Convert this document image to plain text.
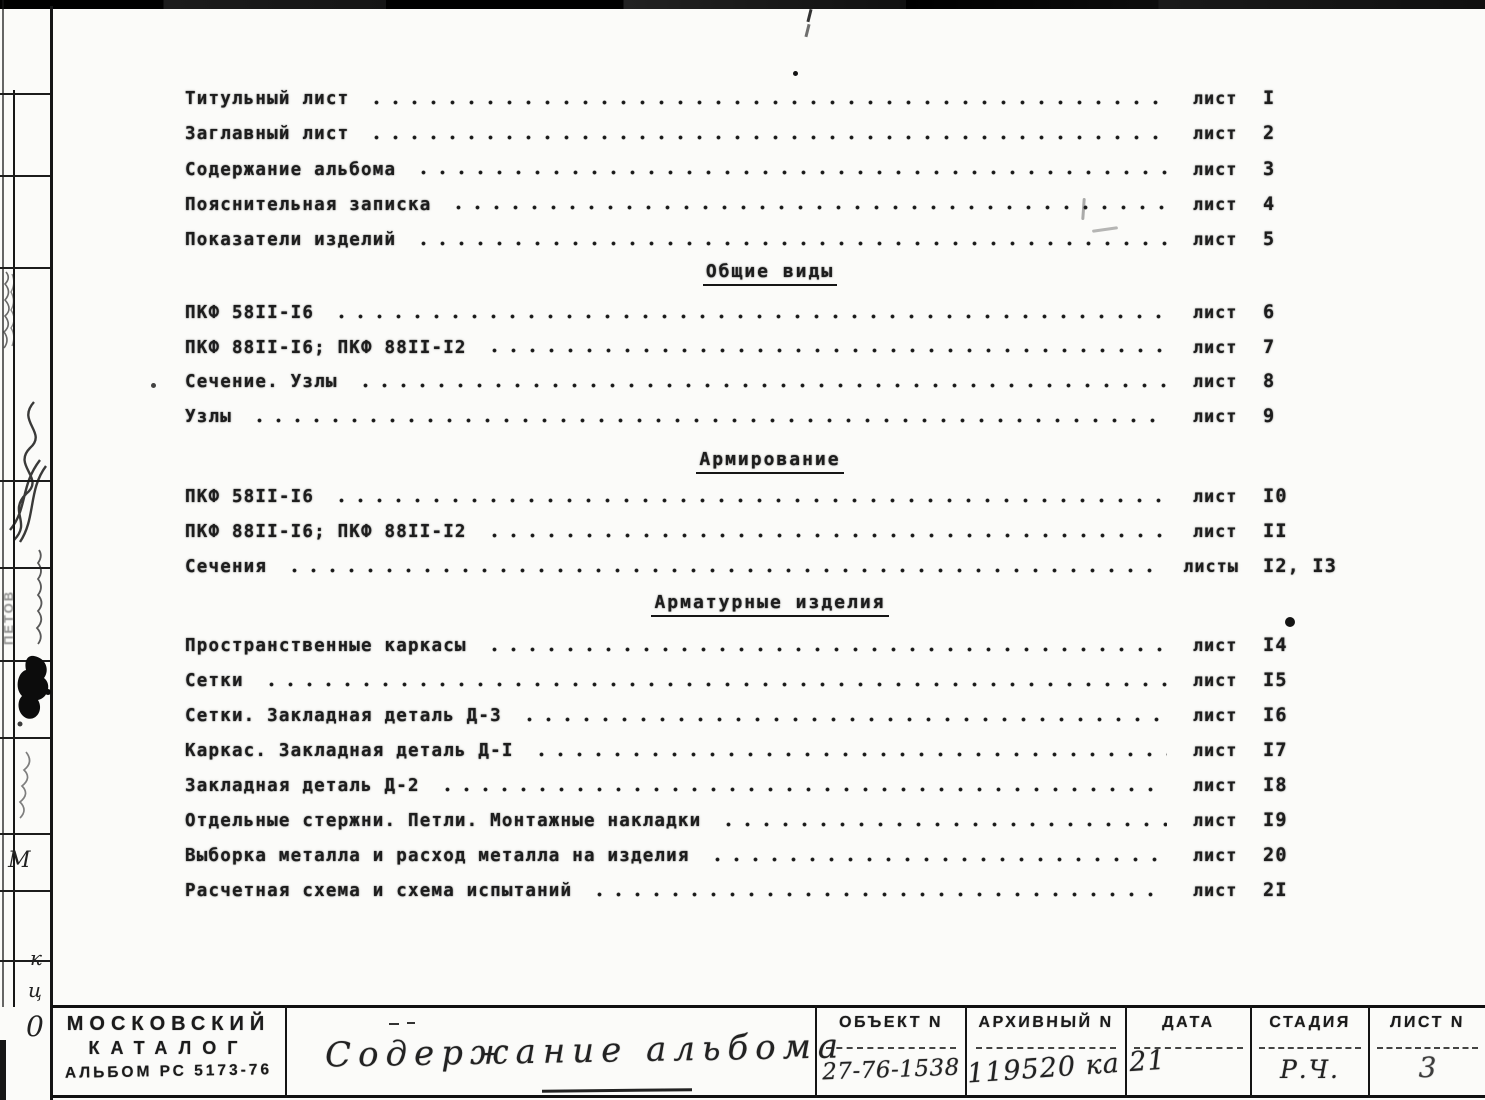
Титульный лист	лист	I
Заглавный лист	лист	2
Содержание альбома	лист	3
Пояснительная записка	лист	4
Показатели изделий	лист	5
Общие виды
ПКФ 58II-I6	лист	6
ПКФ 88II-I6; ПКФ 88II-I2	лист	7
Сечение. Узлы	лист	8
Узлы	лист	9
Армирование
ПКФ 58II-I6	лист	I0
ПКФ 88II-I6; ПКФ 88II-I2	лист	II
Сечения	листы	I2, I3
Арматурные изделия
Пространственные каркасы	лист	I4
Сетки	лист	I5
Сетки. Закладная деталь Д-3	лист	I6
Каркас. Закладная деталь Д-I	лист	I7
Закладная деталь Д-2	лист	I8
Отдельные стержни. Петли. Монтажные накладки	лист	I9
Выборка металла и расход металла на изделия	лист	20
Расчетная схема и схема испытаний	лист	2I
ПЕТОВ
М
к
ц
0	МОСКОВСКИЙ
КАТАЛОГ
АЛЬБОМ РС 5173-76	Содержание альбома
ОБЪЕКТ N
27-76-1538
АРХИВНЫЙ N
119520 ка 21
ДАТА	СТАДИЯ
Р.Ч.
ЛИСТ N
3
